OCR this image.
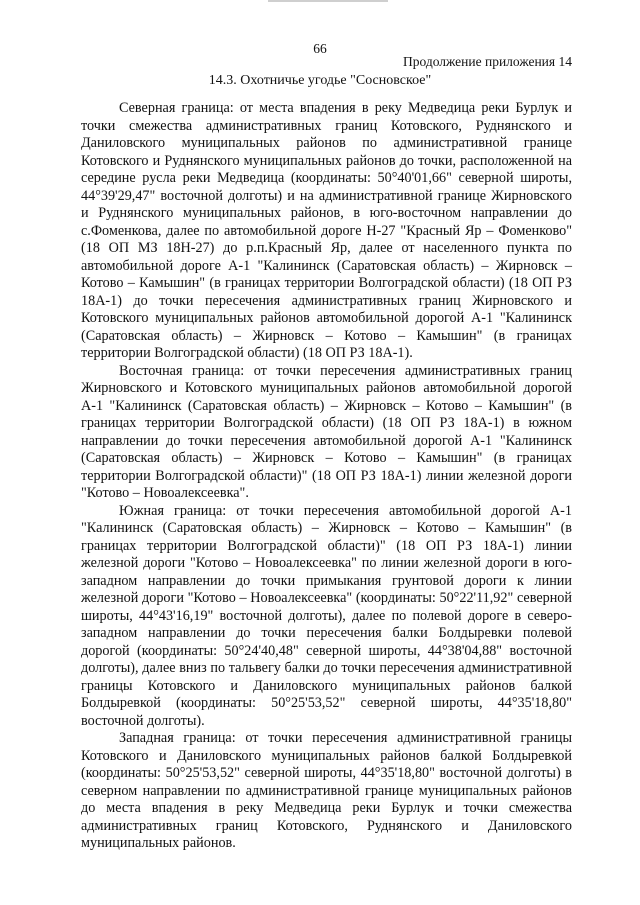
66
Продолжение приложения 14
14.3. Охотничье угодье "Сосновское"

Северная граница: от места впадения в реку Медведица реки Бурлук и точки смежества административных границ Котовского, Руднянского и Даниловского муниципальных районов по административной границе Котовского и Руднянского муниципальных районов до точки, расположенной на середине русла реки Медведица (координаты: 50°40'01,66" северной широты, 44°39'29,47" восточной долготы) и на административной границе Жирновского и Руднянского муниципальных районов, в юго-восточном направлении до с.Фоменкова, далее по автомобильной дороге Н-27 "Красный Яр – Фоменково" (18 ОП МЗ 18Н-27) до р.п.Красный Яр, далее от населенного пункта по автомобильной дороге А-1 "Калининск (Саратовская область) – Жирновск – Котово – Камышин" (в границах территории Волгоградской области) (18 ОП РЗ 18А-1) до точки пересечения административных границ Жирновского и Котовского муниципальных районов автомобильной дорогой А-1 "Калининск (Саратовская область) – Жирновск – Котово – Камышин" (в границах территории Волгоградской области) (18 ОП РЗ 18А-1).

Восточная граница: от точки пересечения административных границ Жирновского и Котовского муниципальных районов автомобильной дорогой А-1 "Калининск (Саратовская область) – Жирновск – Котово – Камышин" (в границах территории Волгоградской области) (18 ОП РЗ 18А-1) в южном направлении до точки пересечения автомобильной дорогой А-1 "Калининск (Саратовская область) – Жирновск – Котово – Камышин" (в границах территории Волгоградской области)" (18 ОП РЗ 18А-1) линии железной дороги "Котово – Новоалексеевка".

Южная граница: от точки пересечения автомобильной дорогой А-1 "Калининск (Саратовская область) – Жирновск – Котово – Камышин" (в границах территории Волгоградской области)" (18 ОП РЗ 18А-1) линии железной дороги "Котово – Новоалексеевка" по линии железной дороги в юго-западном направлении до точки примыкания грунтовой дороги к линии железной дороги "Котово – Новоалексеевка" (координаты: 50°22'11,92" северной широты, 44°43'16,19" восточной долготы), далее по полевой дороге в северо-западном направлении до точки пересечения балки Болдыревки полевой дорогой (координаты: 50°24'40,48" северной широты, 44°38'04,88" восточной долготы), далее вниз по тальвегу балки до точки пересечения административной границы Котовского и Даниловского муниципальных районов балкой Болдыревкой (координаты: 50°25'53,52" северной широты, 44°35'18,80" восточной долготы).

Западная граница: от точки пересечения административной границы Котовского и Даниловского муниципальных районов балкой Болдыревкой (координаты: 50°25'53,52" северной широты, 44°35'18,80" восточной долготы) в северном направлении по административной границе муниципальных районов до места впадения в реку Медведица реки Бурлук и точки смежества административных границ Котовского, Руднянского и Даниловского муниципальных районов.
